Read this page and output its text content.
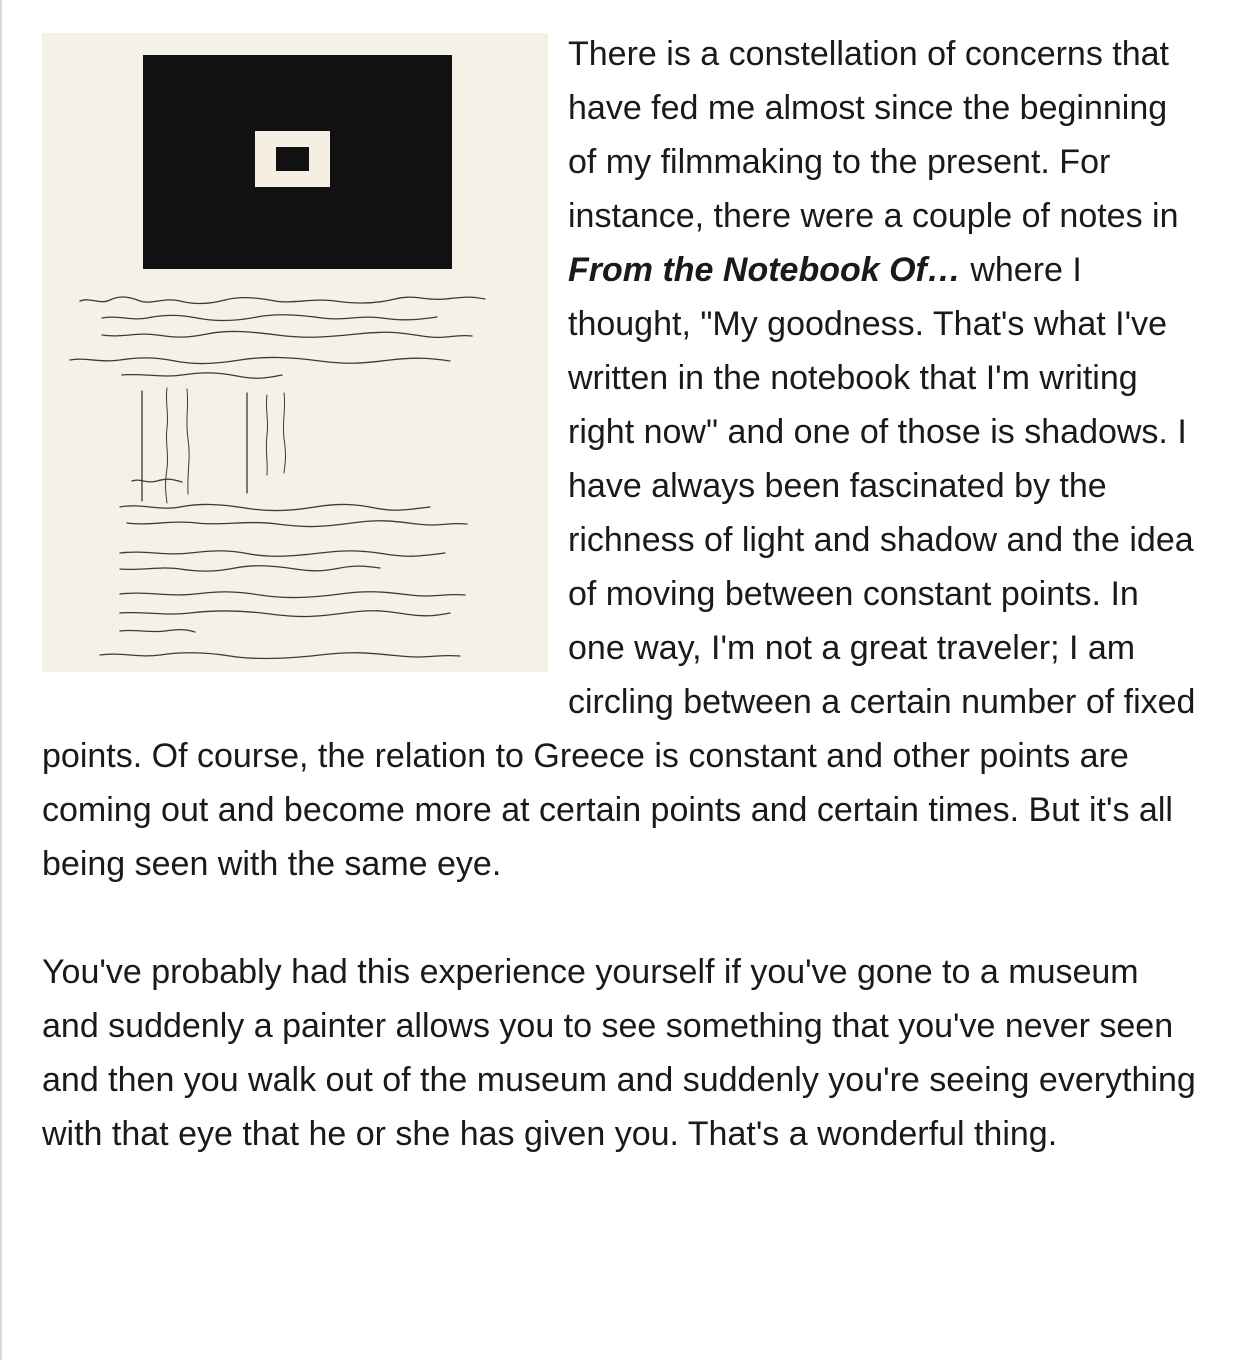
There is a constellation of concerns that have fed me almost since the beginning of my filmmaking to the present. For instance, there were a couple of notes in From the Notebook Of… where I thought, "My goodness. That's what I've written in the notebook that I'm writing right now" and one of those is shadows. I have always been fascinated by the richness of light and shadow and the idea of moving between constant points. In one way, I'm not a great traveler; I am circling between a certain number of fixed points. Of course, the relation to Greece is constant and other points are coming out and become more at certain points and certain times. But it's all being seen with the same eye.

You've probably had this experience yourself if you've gone to a museum and suddenly a painter allows you to see something that you've never seen and then you walk out of the museum and suddenly you're seeing everything with that eye that he or she has given you. That's a wonderful thing.
